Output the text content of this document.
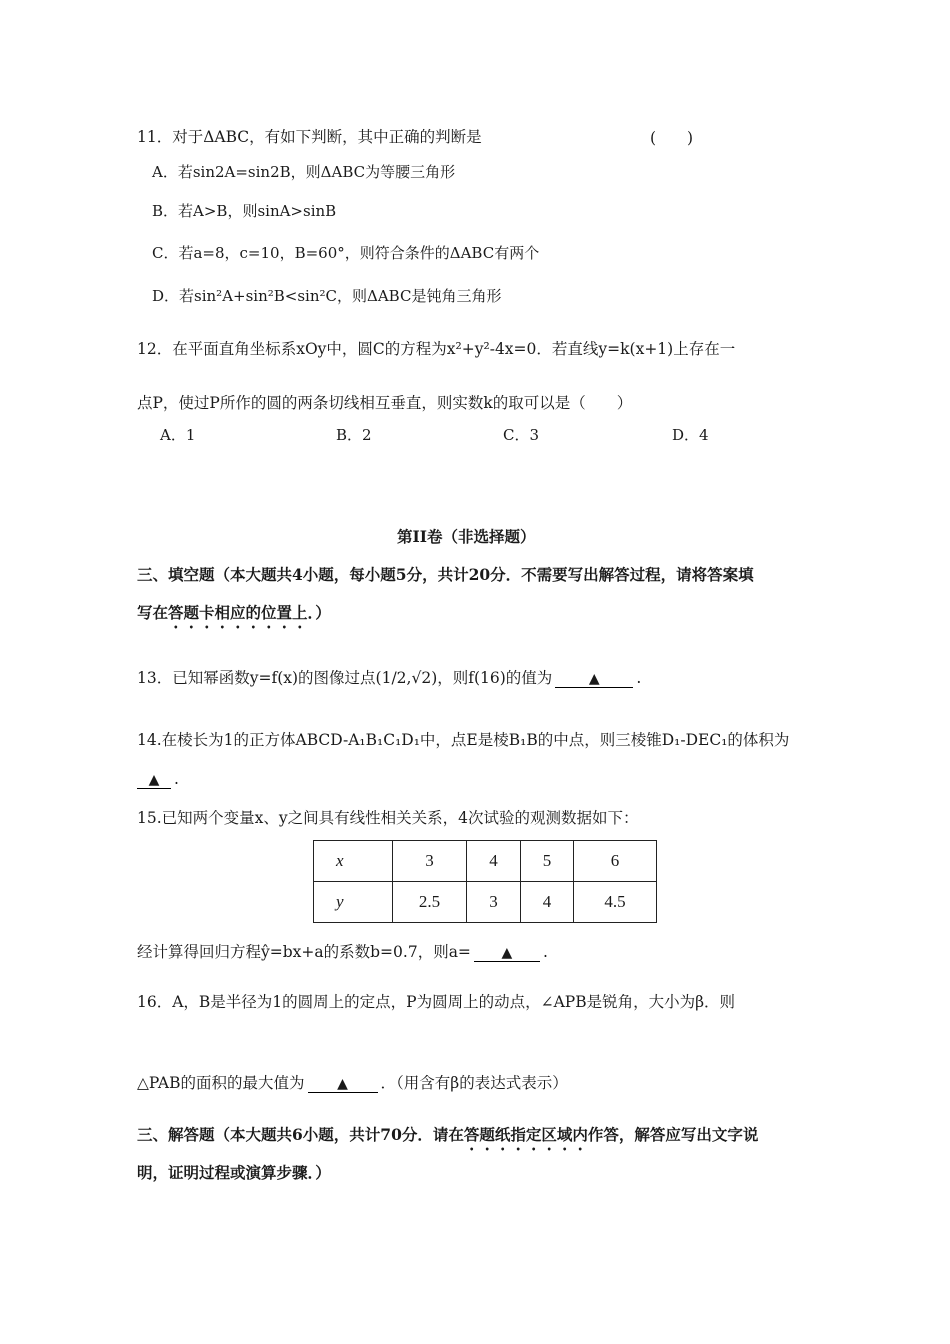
11．对于ΔABC，有如下判断，其中正确的判断是	(　　)
A．若sin2A=sin2B，则ΔABC为等腰三角形
B．若A>B，则sinA>sinB
C．若a=8，c=10，B=60°，则符合条件的ΔABC有两个
D．若sin²A+sin²B<sin²C，则ΔABC是钝角三角形
12．在平面直角坐标系xOy中，圆C的方程为x²+y²-4x=0．若直线y=k(x+1)上存在一
点P，使过P所作的圆的两条切线相互垂直，则实数k的取可以是（　　）
A．1	B．2	C．3	D．4
第II卷（非选择题）
三、填空题（本大题共4小题，每小题5分，共计20分．不需要写出解答过程，请将答案填
写在答题卡相应的位置上．）
13．已知幂函数y=f(x)的图像过点(1/2,√2)，则f(16)的值为	▲ .
14.在棱长为1的正方体ABCD-A₁B₁C₁D₁中，点E是棱B₁B的中点，则三棱锥D₁-DEC₁的体积为
▲ .
15.已知两个变量x、y之间具有线性相关关系，4次试验的观测数据如下：
x	3	4	5	6
y	2.5	3	4	4.5
经计算得回归方程ŷ=bx+a的系数b=0.7，则a= ▲ .
16．A，B是半径为1的圆周上的定点，P为圆周上的动点，∠APB是锐角，大小为β．则
△PAB的面积的最大值为 ▲ ．（用含有β的表达式表示）
三、解答题（本大题共6小题，共计70分．请在答题纸指定区域内作答，解答应写出文字说
明，证明过程或演算步骤．）
